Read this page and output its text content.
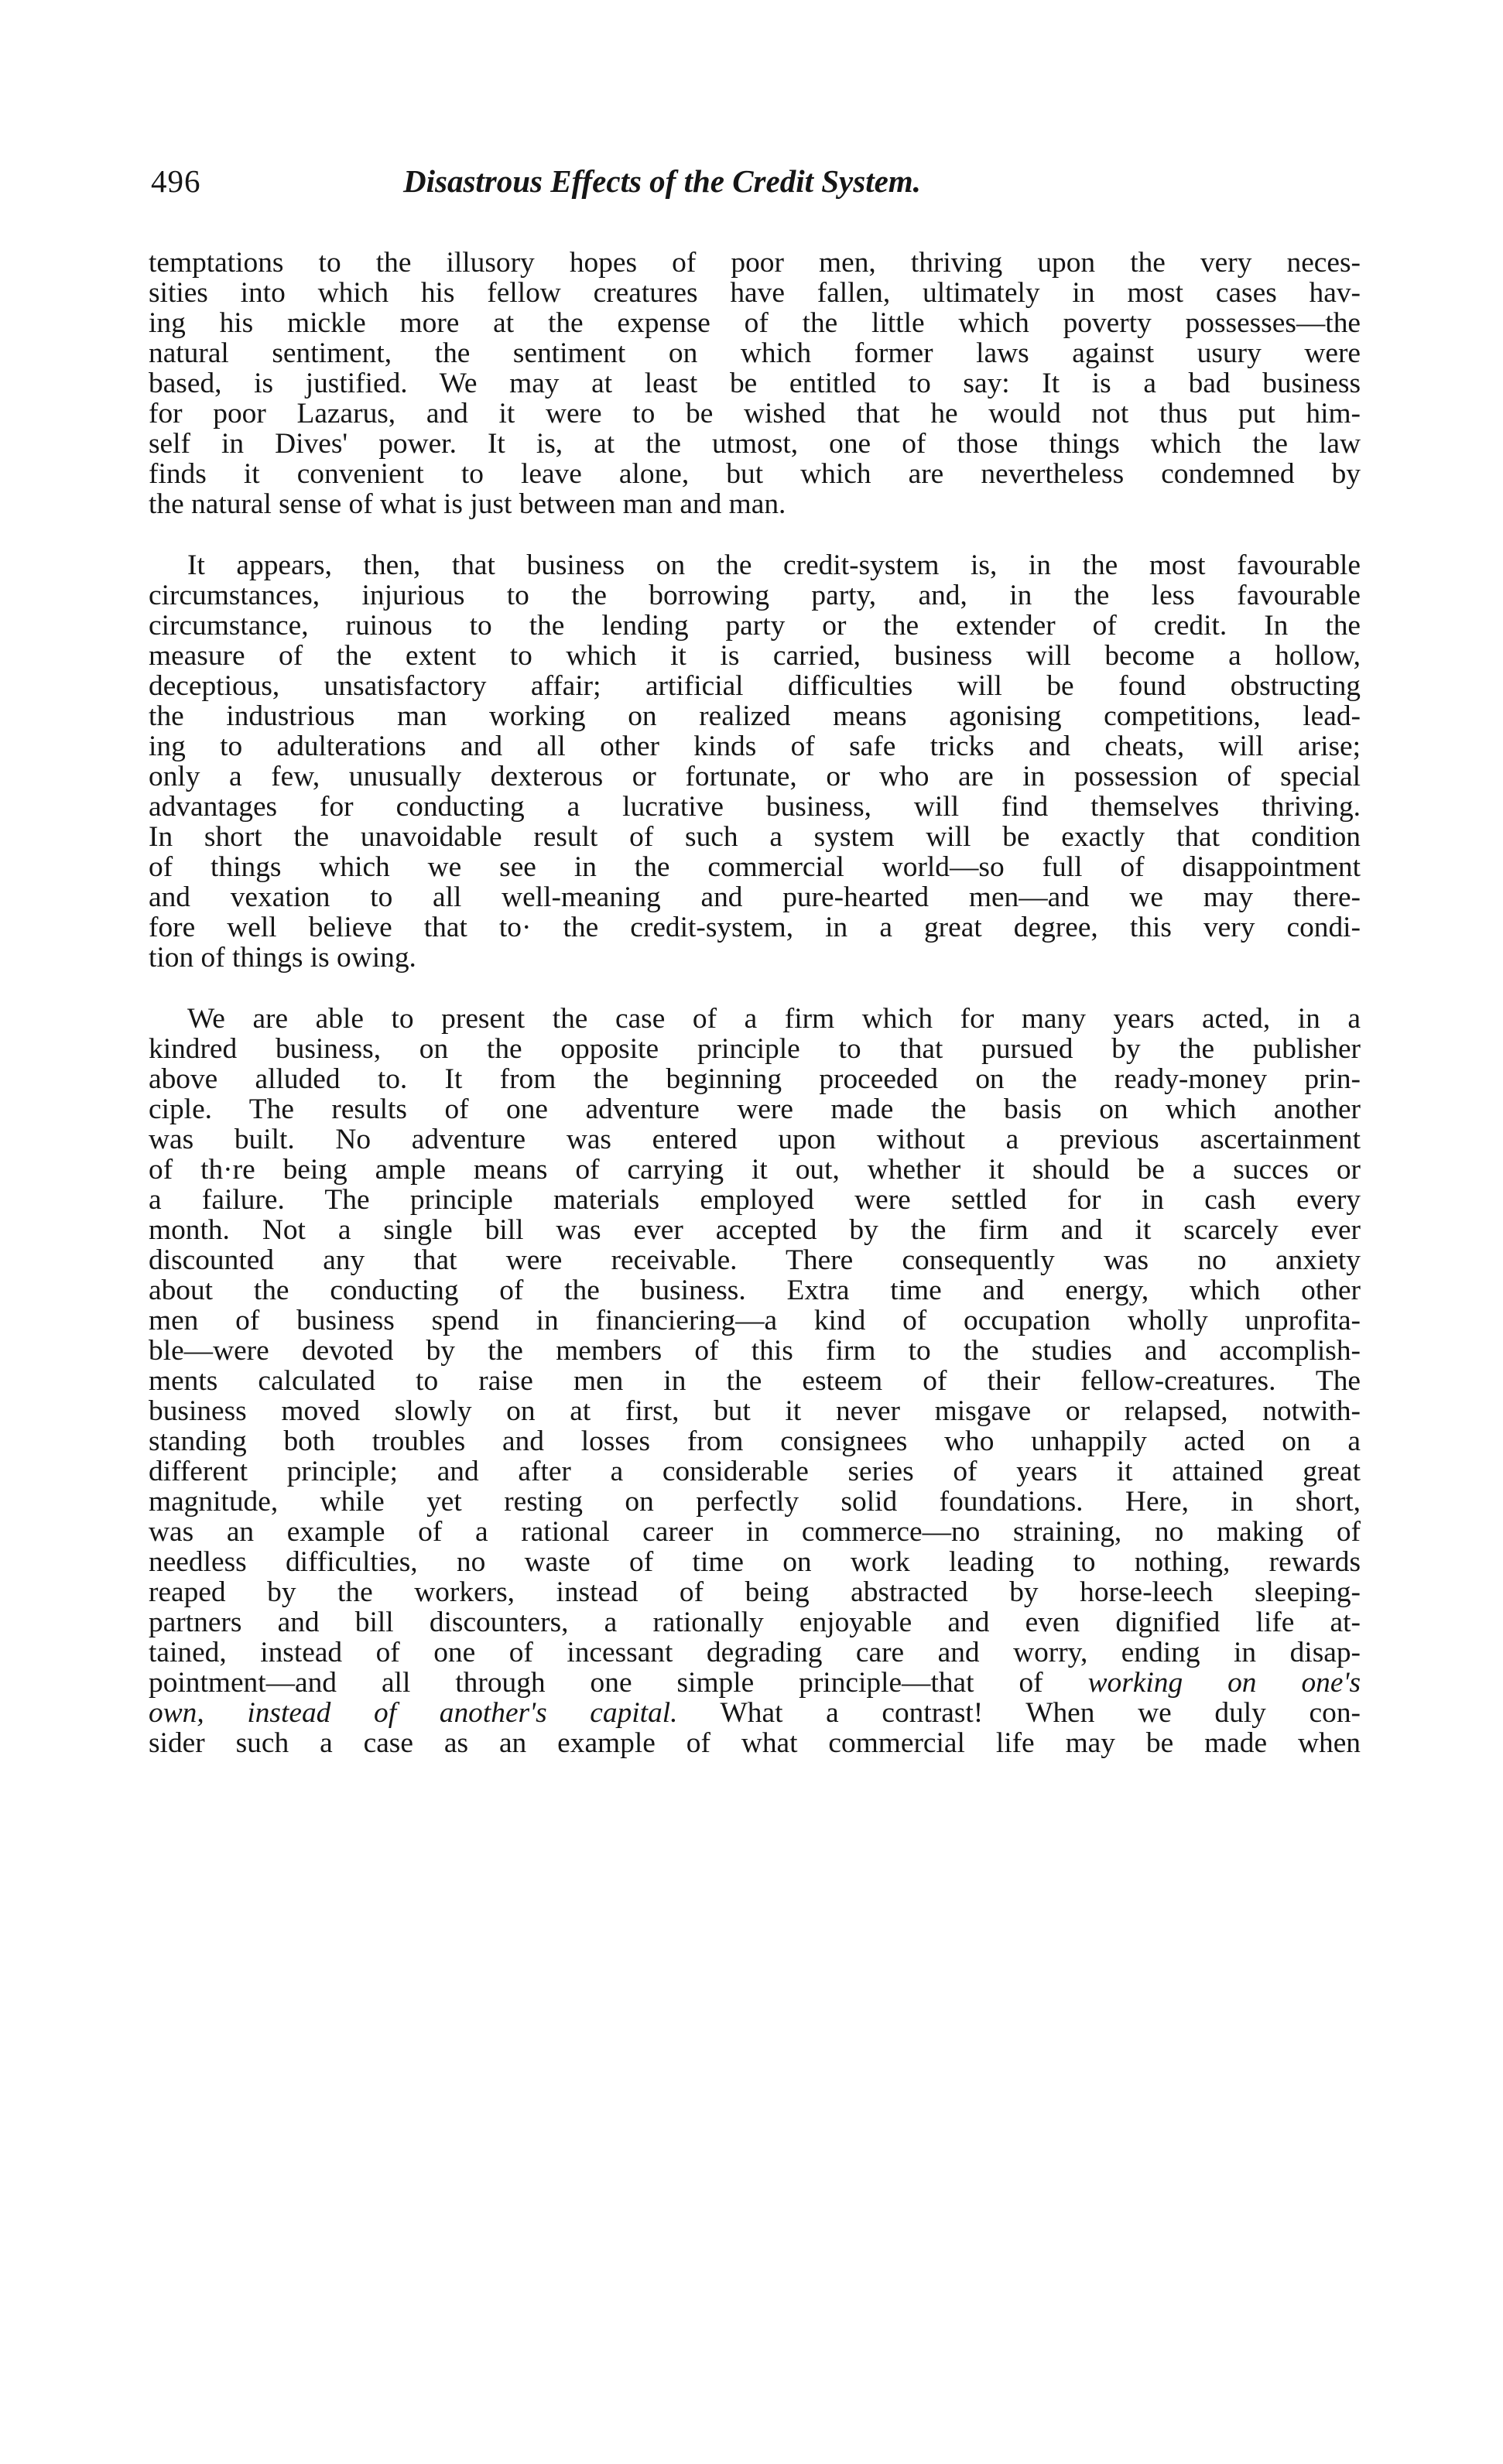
496	Disastrous Effects of the Credit System.
temptations to the illusory hopes of poor men, thriving upon the very neces-
sities into which his fellow creatures have fallen, ultimately in most cases hav-
ing his mickle more at the expense of the little which poverty possesses—the
natural sentiment, the sentiment on which former laws against usury were
based, is justified. We may at least be entitled to say: It is a bad business
for poor Lazarus, and it were to be wished that he would not thus put him-
self in Dives' power. It is, at the utmost, one of those things which the law
finds it convenient to leave alone, but which are nevertheless condemned by
the natural sense of what is just between man and man.
It appears, then, that business on the credit-system is, in the most favourable
circumstances, injurious to the borrowing party, and, in the less favourable
circumstance, ruinous to the lending party or the extender of credit. In the
measure of the extent to which it is carried, business will become a hollow,
deceptious, unsatisfactory affair; artificial difficulties will be found obstructing
the industrious man working on realized means agonising competitions, lead-
ing to adulterations and all other kinds of safe tricks and cheats, will arise;
only a few, unusually dexterous or fortunate, or who are in possession of special
advantages for conducting a lucrative business, will find themselves thriving.
In short the unavoidable result of such a system will be exactly that condition
of things which we see in the commercial world—so full of disappointment
and vexation to all well-meaning and pure-hearted men—and we may there-
fore well believe that to· the credit-system, in a great degree, this very condi-
tion of things is owing.
We are able to present the case of a firm which for many years acted, in a
kindred business, on the opposite principle to that pursued by the publisher
above alluded to. It from the beginning proceeded on the ready-money prin-
ciple. The results of one adventure were made the basis on which another
was built. No adventure was entered upon without a previous ascertainment
of th·re being ample means of carrying it out, whether it should be a succes or
a failure. The principle materials employed were settled for in cash every
month. Not a single bill was ever accepted by the firm and it scarcely ever
discounted any that were receivable. There consequently was no anxiety
about the conducting of the business. Extra time and energy, which other
men of business spend in financiering—a kind of occupation wholly unprofita-
ble—were devoted by the members of this firm to the studies and accomplish-
ments calculated to raise men in the esteem of their fellow-creatures. The
business moved slowly on at first, but it never misgave or relapsed, notwith-
standing both troubles and losses from consignees who unhappily acted on a
different principle; and after a considerable series of years it attained great
magnitude, while yet resting on perfectly solid foundations. Here, in short,
was an example of a rational career in commerce—no straining, no making of
needless difficulties, no waste of time on work leading to nothing, rewards
reaped by the workers, instead of being abstracted by horse-leech sleeping-
partners and bill discounters, a rationally enjoyable and even dignified life at-
tained, instead of one of incessant degrading care and worry, ending in disap-
pointment—and all through one simple principle—that of working on one's
own, instead of another's capital. What a contrast! When we duly con-
sider such a case as an example of what commercial life may be made when
